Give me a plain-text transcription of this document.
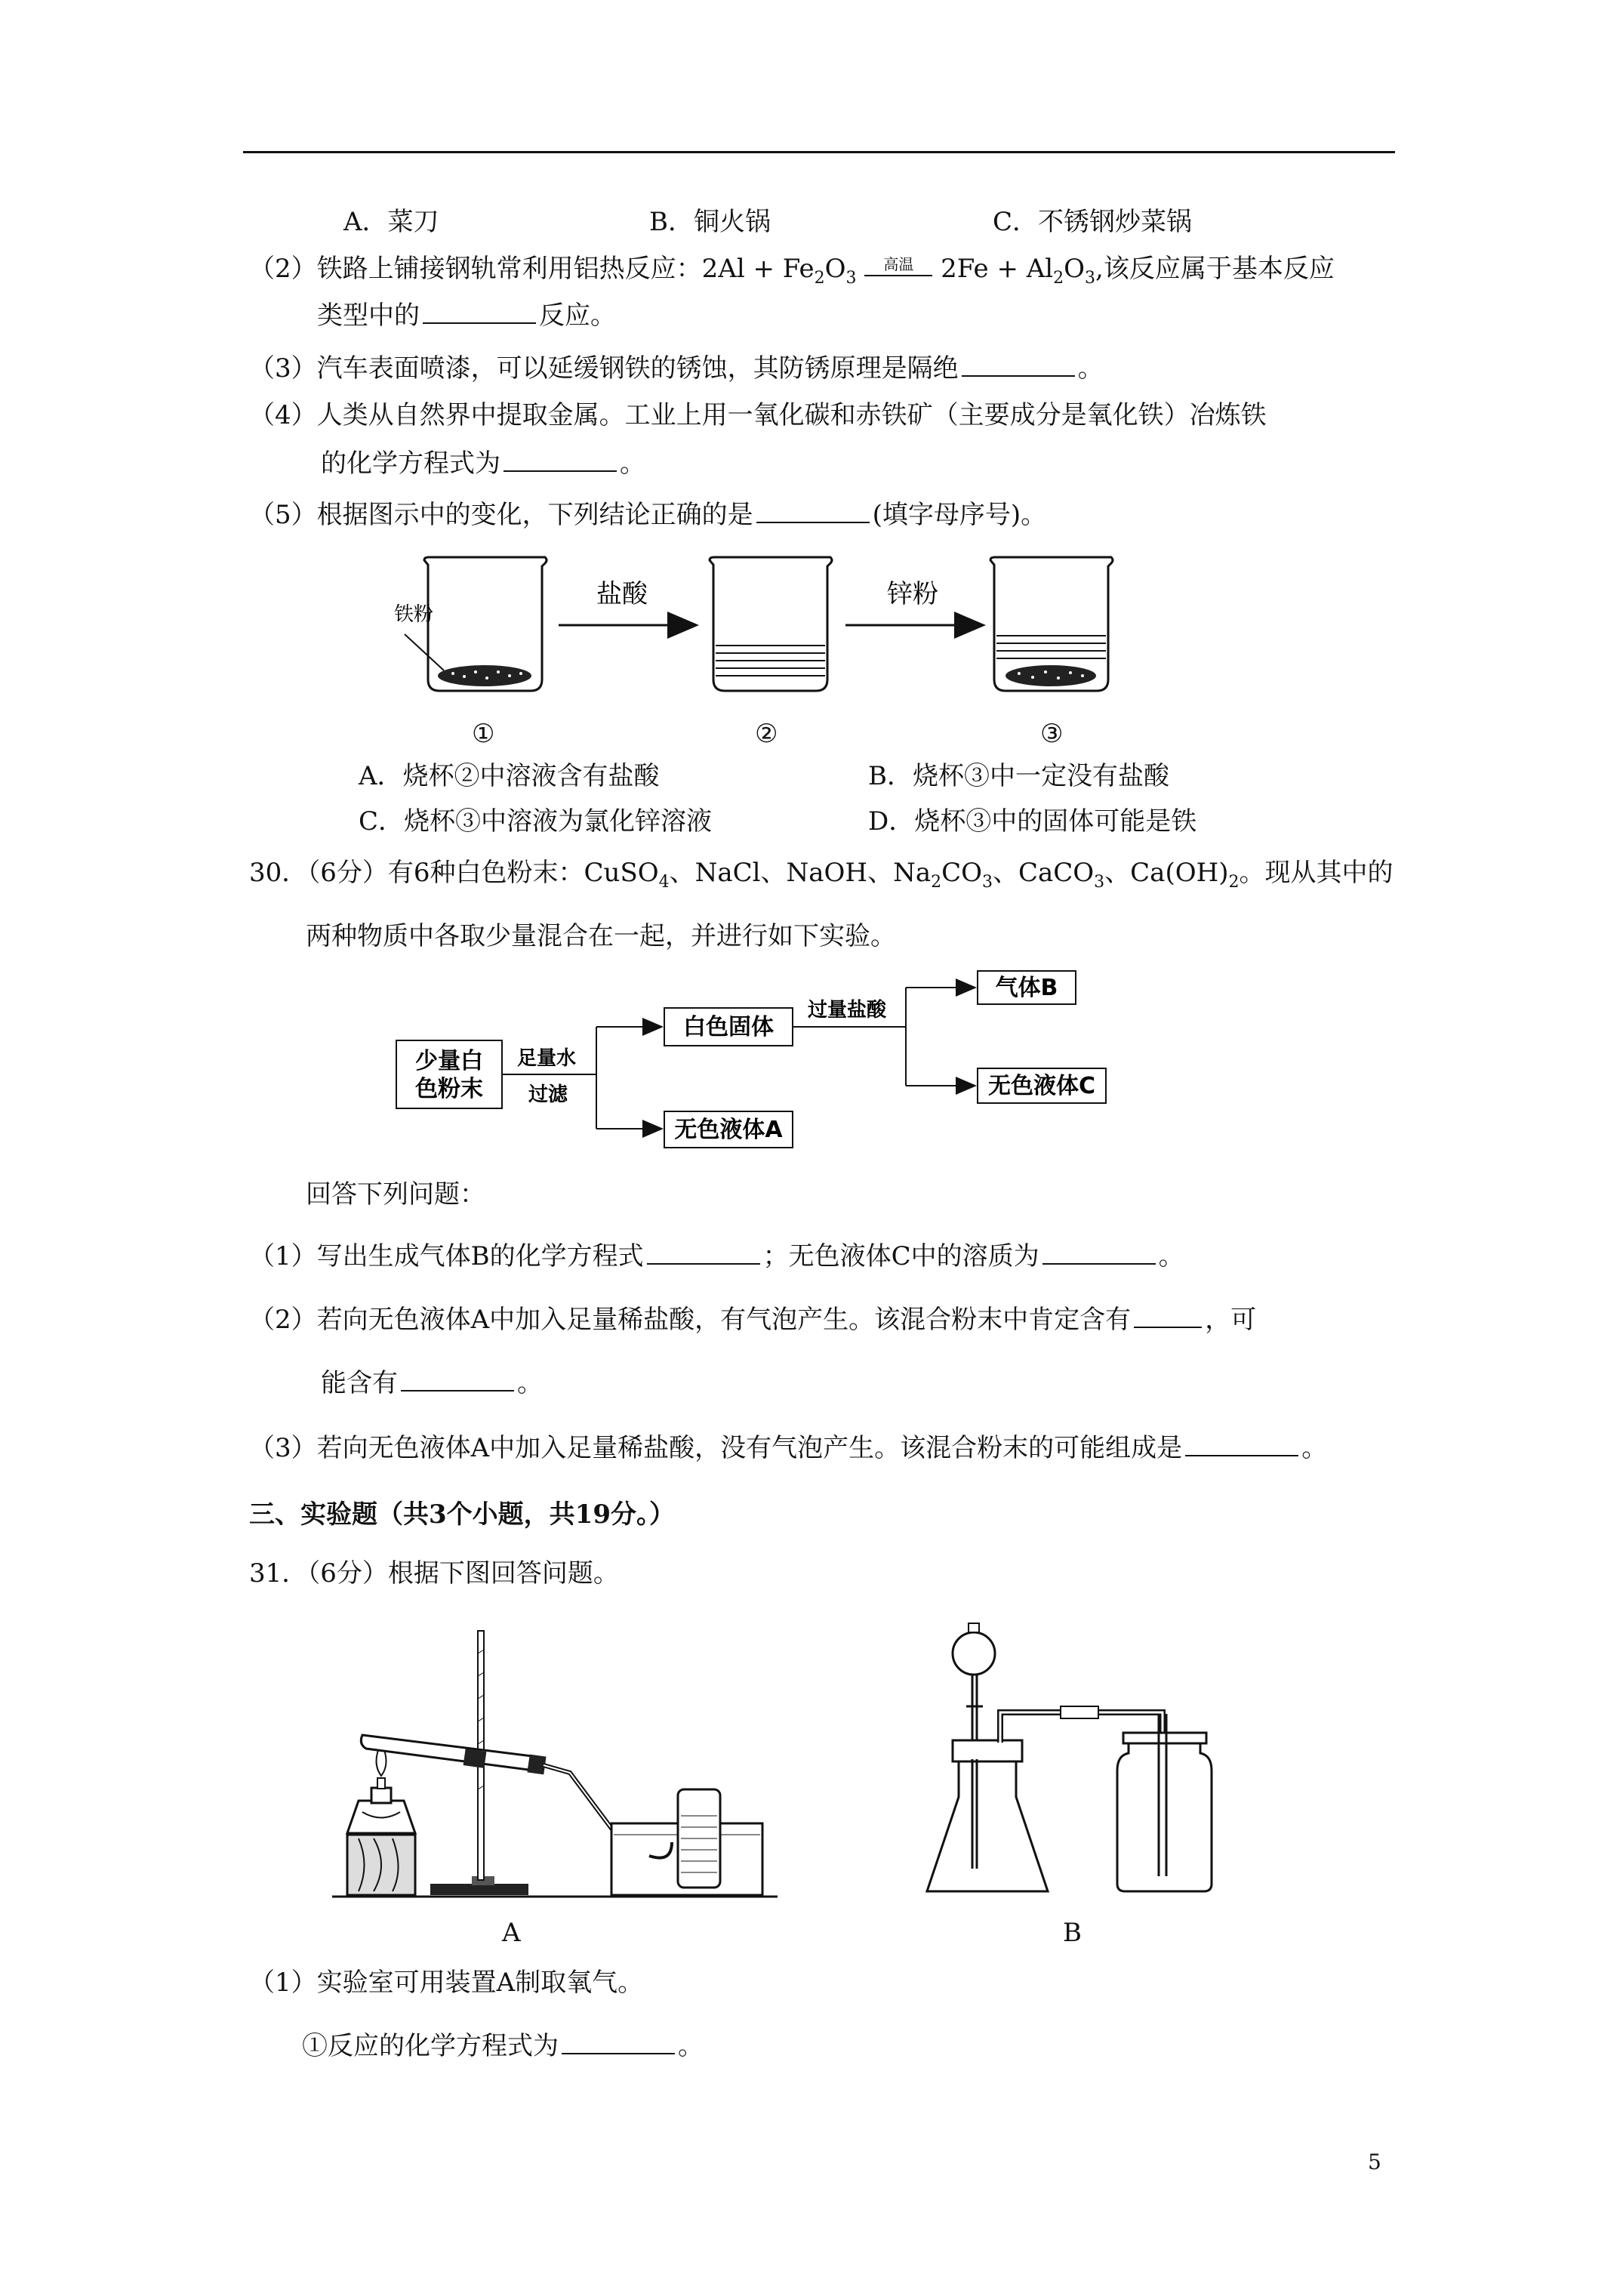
A．菜刀	B．铜火锅	C．不锈钢炒菜锅
（2）铁路上铺接钢轨常利用铝热反应：$2Al + Fe_2O_3$
高温	$2Fe + Al_2O_3$,该反应属于基本反应
类型中的	反应。
（3）汽车表面喷漆，可以延缓钢铁的锈蚀，其防锈原理是隔绝	。
（4）人类从自然界中提取金属。工业上用一氧化碳和赤铁矿（主要成分是氧化铁）冶炼铁
的化学方程式为	。
（5）根据图示中的变化，下列结论正确的是	(填字母序号)。
铁粉
盐酸	锌粉
①	②	③
A．烧杯②中溶液含有盐酸	B．烧杯③中一定没有盐酸
C．烧杯③中溶液为氯化锌溶液	D．烧杯③中的固体可能是铁
30．（6分）有6种白色粉末：CuSO$_4$、NaCl、NaOH、$Na_2CO_3$、CaCO$_3$、$Ca(OH)_2$。现从其中的
两种物质中各取少量混合在一起，并进行如下实验。
少量白
色粉末
足量水
过滤
白色固体
无色液体A
过量盐酸
气体B
无色液体C
回答下列问题：
（1）写出生成气体B的化学方程式	；无色液体C中的溶质为	。
（2）若向无色液体A中加入足量稀盐酸，有气泡产生。该混合粉末中肯定含有	，可
能含有	。
（3）若向无色液体A中加入足量稀盐酸，没有气泡产生。该混合粉末的可能组成是	。
三、实验题（共3个小题，共19分。）
31．（6分）根据下图回答问题。
A	B
（1）实验室可用装置A制取氧气。
①反应的化学方程式为	。
5
